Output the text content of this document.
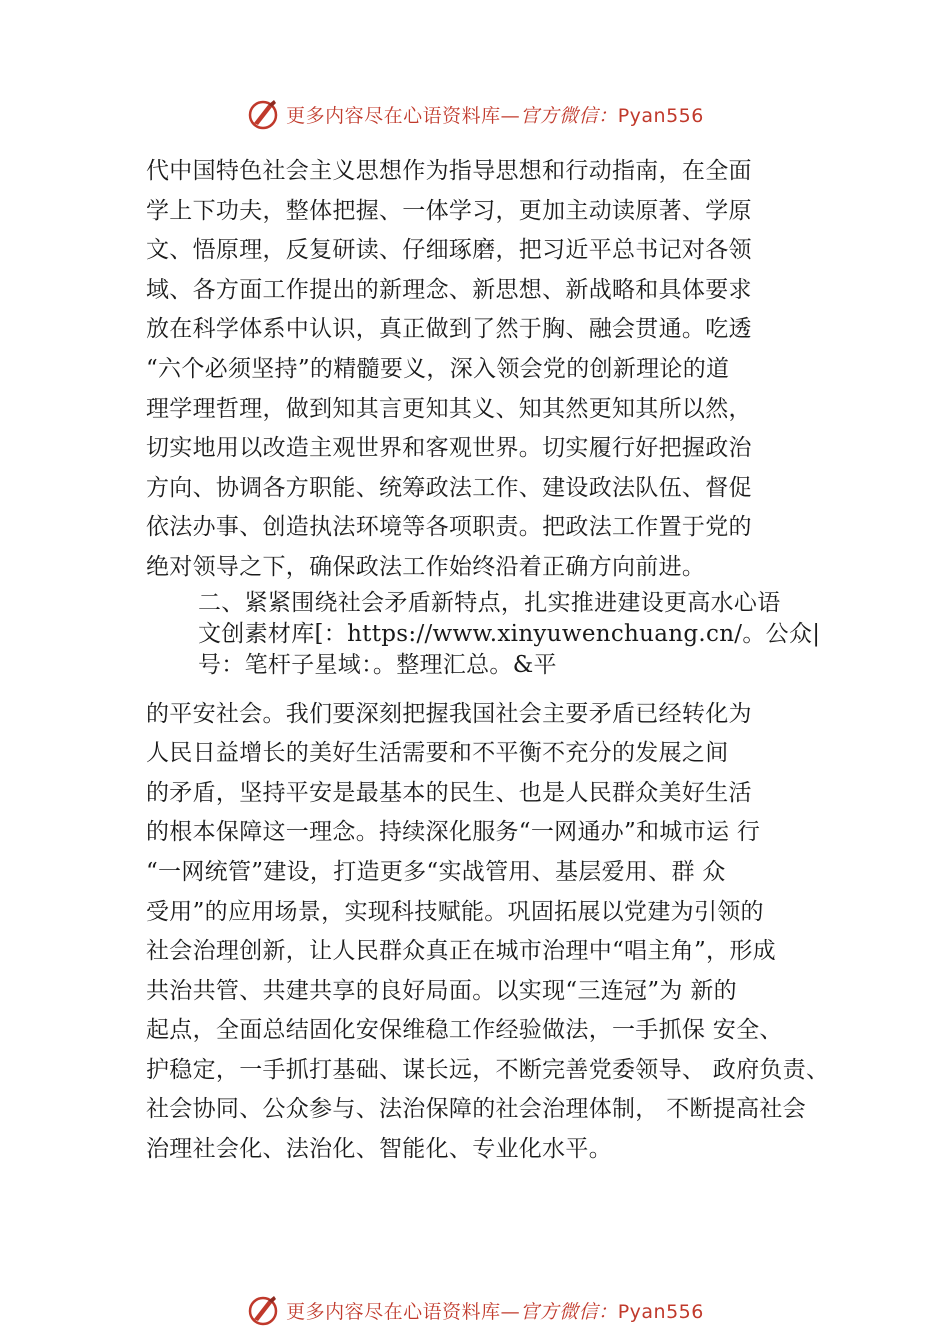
更多内容尽在心语资料库—官方微信：Pyan556
代中国特色社会主义思想作为指导思想和行动指南，在全面
学上下功夫，整体把握、一体学习，更加主动读原著、学原
文、悟原理，反复研读、仔细琢磨，把习近平总书记对各领
域、各方面工作提出的新理念、新思想、新战略和具体要求
放在科学体系中认识，真正做到了然于胸、融会贯通。吃透
“六个必须坚持”的精髓要义，深入领会党的创新理论的道
理学理哲理，做到知其言更知其义、知其然更知其所以然，
切实地用以改造主观世界和客观世界。切实履行好把握政治
方向、协调各方职能、统筹政法工作、建设政法队伍、督促
依法办事、创造执法环境等各项职责。把政法工作置于党的
绝对领导之下，确保政法工作始终沿着正确方向前进。
二、紧紧围绕社会矛盾新特点，扎实推进建设更高水心语
文创素材库[：https://www.xinyuwenchuang.cn/。公众|
号：笔杆子星域：。整理汇总。&平
的平安社会。我们要深刻把握我国社会主要矛盾已经转化为
人民日益增长的美好生活需要和不平衡不充分的发展之间
的矛盾，坚持平安是最基本的民生、也是人民群众美好生活
的根本保障这一理念。持续深化服务“一网通办”和城市运 行
“一网统管”建设，打造更多“实战管用、基层爱用、群 众
受用”的应用场景，实现科技赋能。巩固拓展以党建为引领的
社会治理创新，让人民群众真正在城市治理中“唱主角”，形成
共治共管、共建共享的良好局面。以实现“三连冠”为 新的
起点，全面总结固化安保维稳工作经验做法，一手抓保 安全、
护稳定，一手抓打基础、谋长远，不断完善党委领导、 政府负责、
社会协同、公众参与、法治保障的社会治理体制， 不断提高社会
治理社会化、法治化、智能化、专业化水平。
更多内容尽在心语资料库—官方微信：Pyan556
